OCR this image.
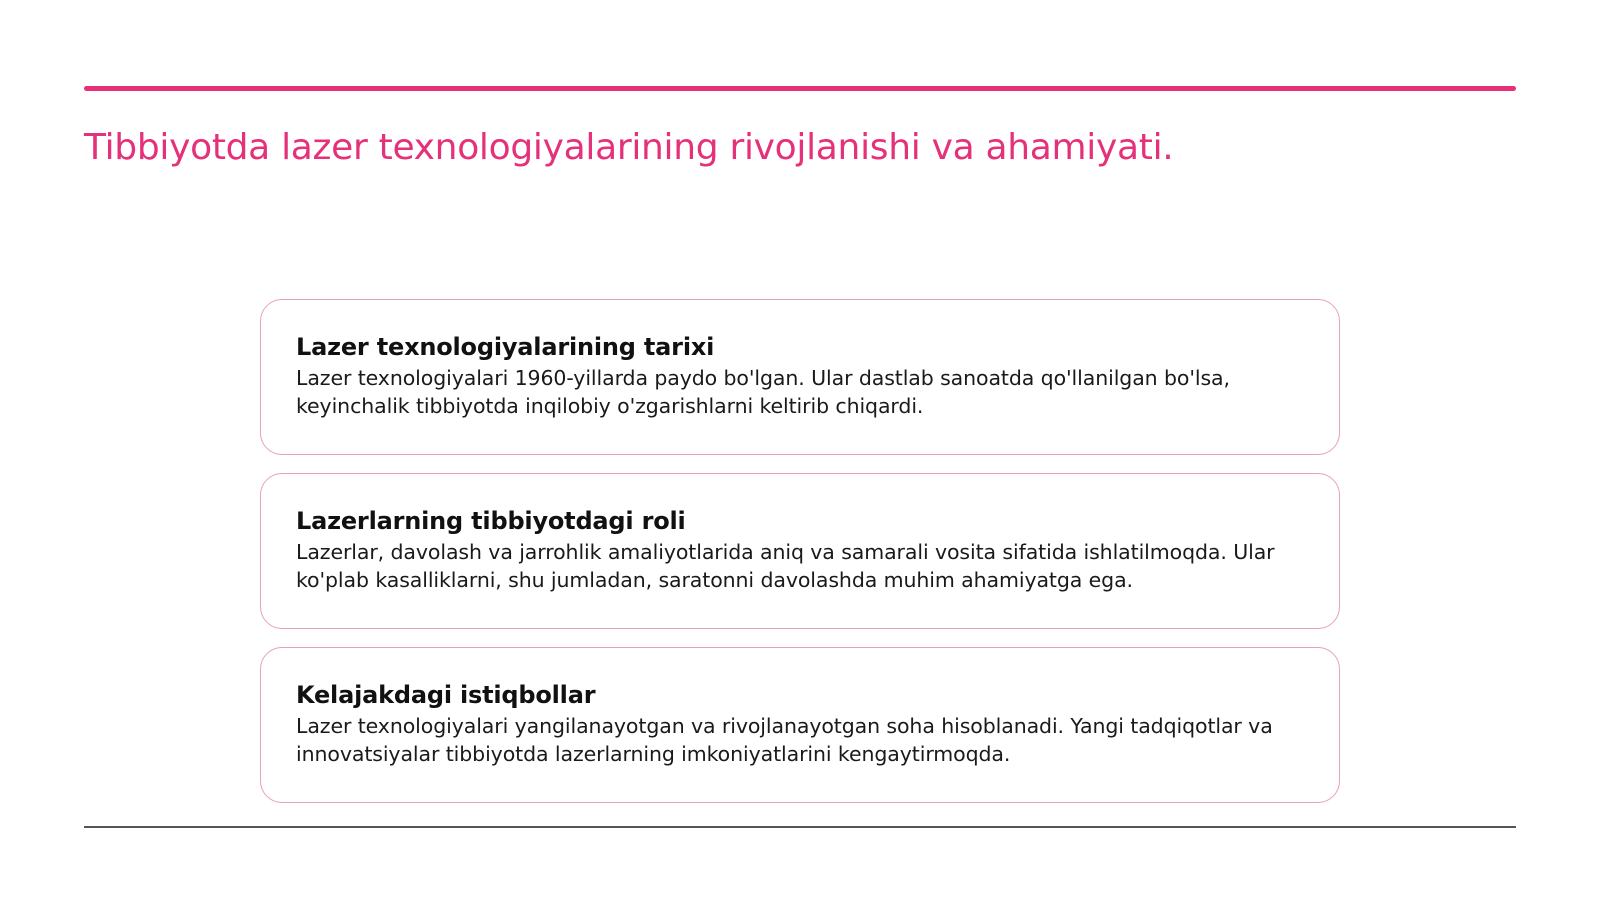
Tibbiyotda lazer texnologiyalarining rivojlanishi va ahamiyati.
Lazer texnologiyalarining tarixi

Lazer texnologiyalari 1960-yillarda paydo bo'lgan. Ular dastlab sanoatda qo'llanilgan bo'lsa, keyinchalik tibbiyotda inqilobiy o'zgarishlarni keltirib chiqardi.

Lazerlarning tibbiyotdagi roli

Lazerlar, davolash va jarrohlik amaliyotlarida aniq va samarali vosita sifatida ishlatilmoqda. Ular ko'plab kasalliklarni, shu jumladan, saratonni davolashda muhim ahamiyatga ega.

Kelajakdagi istiqbollar

Lazer texnologiyalari yangilanayotgan va rivojlanayotgan soha hisoblanadi. Yangi tadqiqotlar va innovatsiyalar tibbiyotda lazerlarning imkoniyatlarini kengaytirmoqda.
